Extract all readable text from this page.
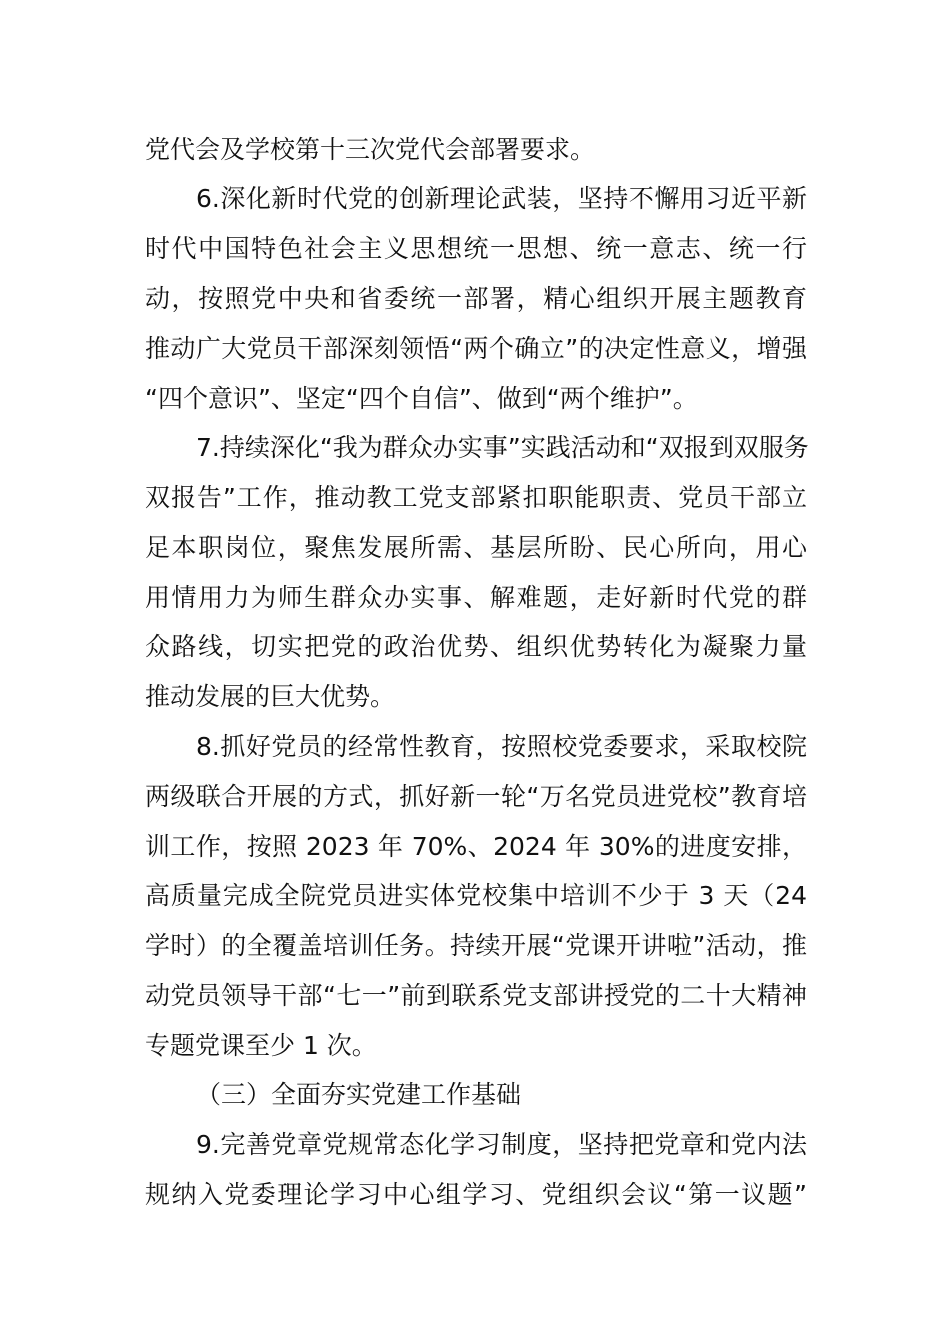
党代会及学校第十三次党代会部署要求。
6.深化新时代党的创新理论武装，坚持不懈用习近平新
时代中国特色社会主义思想统一思想、统一意志、统一行
动，按照党中央和省委统一部署，精心组织开展主题教育
推动广大党员干部深刻领悟“两个确立”的决定性意义，增强
“四个意识”、坚定“四个自信”、做到“两个维护”。
7.持续深化“我为群众办实事”实践活动和“双报到双服务
双报告”工作，推动教工党支部紧扣职能职责、党员干部立
足本职岗位，聚焦发展所需、基层所盼、民心所向，用心
用情用力为师生群众办实事、解难题，走好新时代党的群
众路线，切实把党的政治优势、组织优势转化为凝聚力量
推动发展的巨大优势。
8.抓好党员的经常性教育，按照校党委要求，采取校院
两级联合开展的方式，抓好新一轮“万名党员进党校”教育培
训工作，按照 2023 年 70%、2024 年 30%的进度安排，
高质量完成全院党员进实体党校集中培训不少于 3 天（24
学时）的全覆盖培训任务。持续开展“党课开讲啦”活动，推
动党员领导干部“七一”前到联系党支部讲授党的二十大精神
专题党课至少 1 次。
（三）全面夯实党建工作基础
9.完善党章党规常态化学习制度，坚持把党章和党内法
规纳入党委理论学习中心组学习、党组织会议“第一议题”
